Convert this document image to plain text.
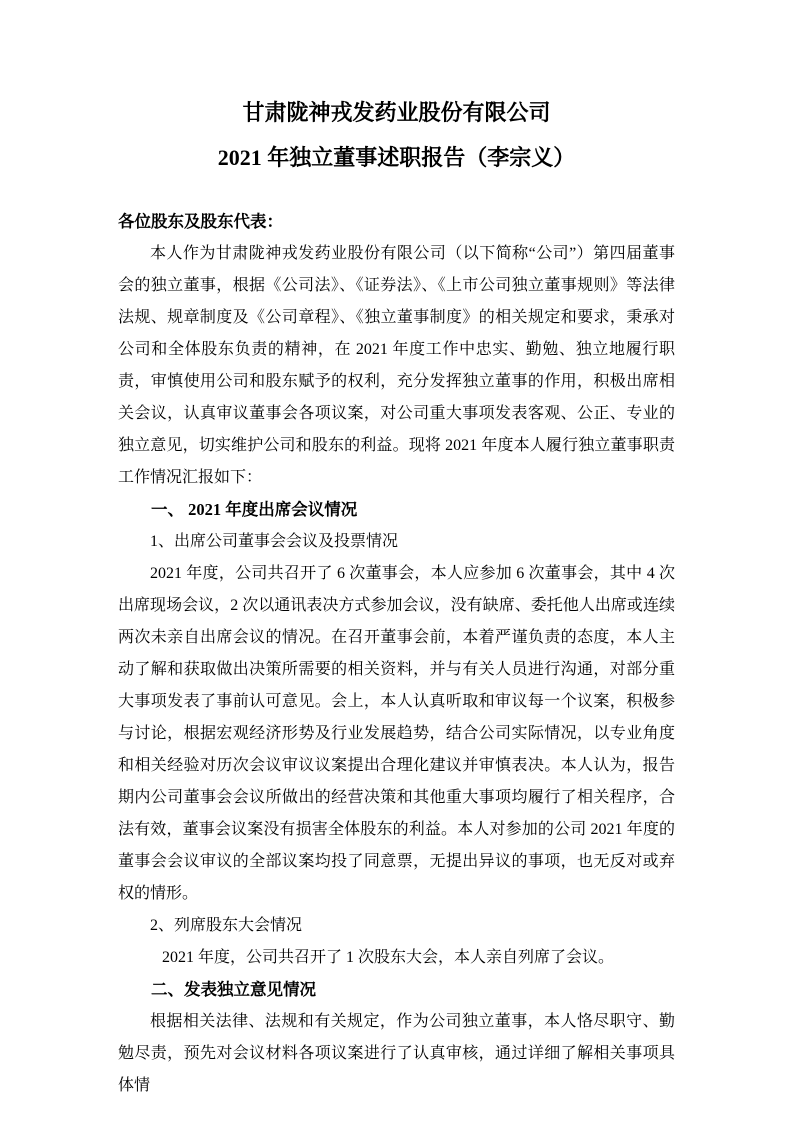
甘肃陇神戎发药业股份有限公司
2021 年独立董事述职报告（李宗义）

各位股东及股东代表：

本人作为甘肃陇神戎发药业股份有限公司（以下简称“公司”）第四届董事会的独立董事，根据《公司法》、《证券法》、《上市公司独立董事规则》等法律法规、规章制度及《公司章程》、《独立董事制度》的相关规定和要求，秉承对公司和全体股东负责的精神，在 2021 年度工作中忠实、勤勉、独立地履行职责，审慎使用公司和股东赋予的权利，充分发挥独立董事的作用，积极出席相关会议，认真审议董事会各项议案，对公司重大事项发表客观、公正、专业的独立意见，切实维护公司和股东的利益。现将 2021 年度本人履行独立董事职责工作情况汇报如下：

一、 2021 年度出席会议情况

1、出席公司董事会会议及投票情况

2021 年度，公司共召开了 6 次董事会，本人应参加 6 次董事会，其中 4 次出席现场会议，2 次以通讯表决方式参加会议，没有缺席、委托他人出席或连续两次未亲自出席会议的情况。在召开董事会前，本着严谨负责的态度，本人主动了解和获取做出决策所需要的相关资料，并与有关人员进行沟通，对部分重大事项发表了事前认可意见。会上，本人认真听取和审议每一个议案，积极参与讨论，根据宏观经济形势及行业发展趋势，结合公司实际情况，以专业角度和相关经验对历次会议审议议案提出合理化建议并审慎表决。本人认为，报告期内公司董事会会议所做出的经营决策和其他重大事项均履行了相关程序，合法有效，董事会议案没有损害全体股东的利益。本人对参加的公司 2021 年度的董事会会议审议的全部议案均投了同意票，无提出异议的事项，也无反对或弃权的情形。

2、列席股东大会情况

2021 年度，公司共召开了 1 次股东大会，本人亲自列席了会议。

二、发表独立意见情况

根据相关法律、法规和有关规定，作为公司独立董事，本人恪尽职守、勤勉尽责，预先对会议材料各项议案进行了认真审核，通过详细了解相关事项具体情
